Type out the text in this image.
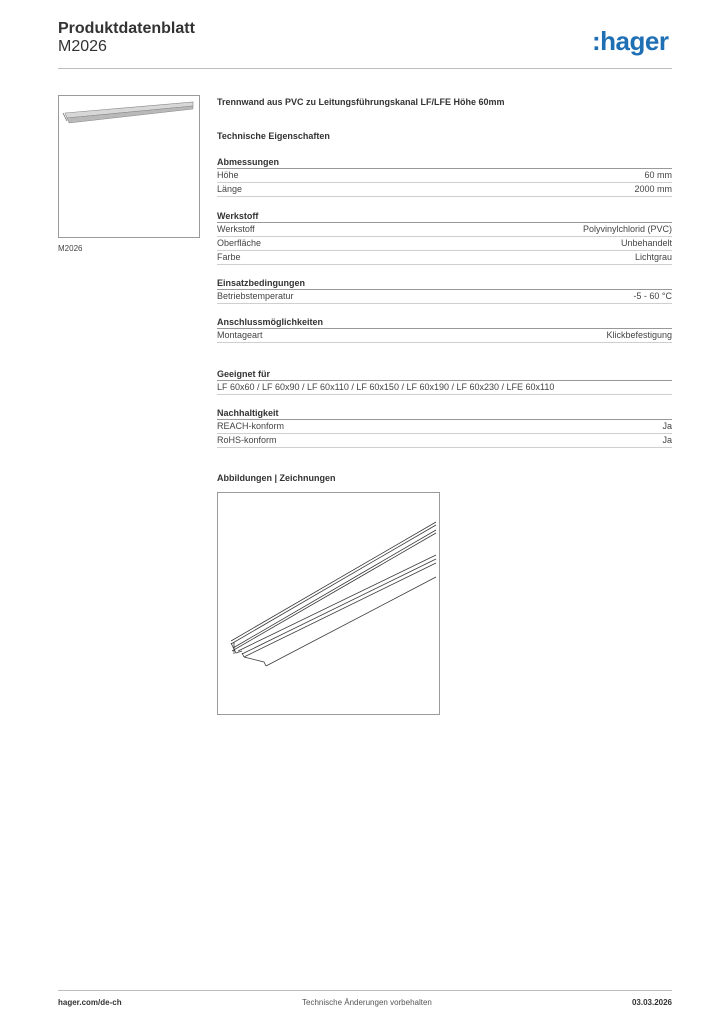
Produktdatenblatt
M2026	:hager
M2026
Trennwand aus PVC zu Leitungsführungskanal LF/LFE Höhe 60mm
Technische Eigenschaften
Abmessungen
Höhe	60 mm
Länge	2000 mm
Werkstoff
Werkstoff	Polyvinylchlorid (PVC)
Oberfläche	Unbehandelt
Farbe	Lichtgrau
Einsatzbedingungen
Betriebstemperatur	-5 - 60 °C
Anschlussmöglichkeiten
Montageart	Klickbefestigung
Geeignet für
LF 60x60 / LF 60x90 / LF 60x110 / LF 60x150 / LF 60x190 / LF 60x230 / LFE 60x110
Nachhaltigkeit
REACH-konform	Ja
RoHS-konform	Ja
Abbildungen | Zeichnungen
hager.com/de-ch	Technische Änderungen vorbehalten	03.03.2026
